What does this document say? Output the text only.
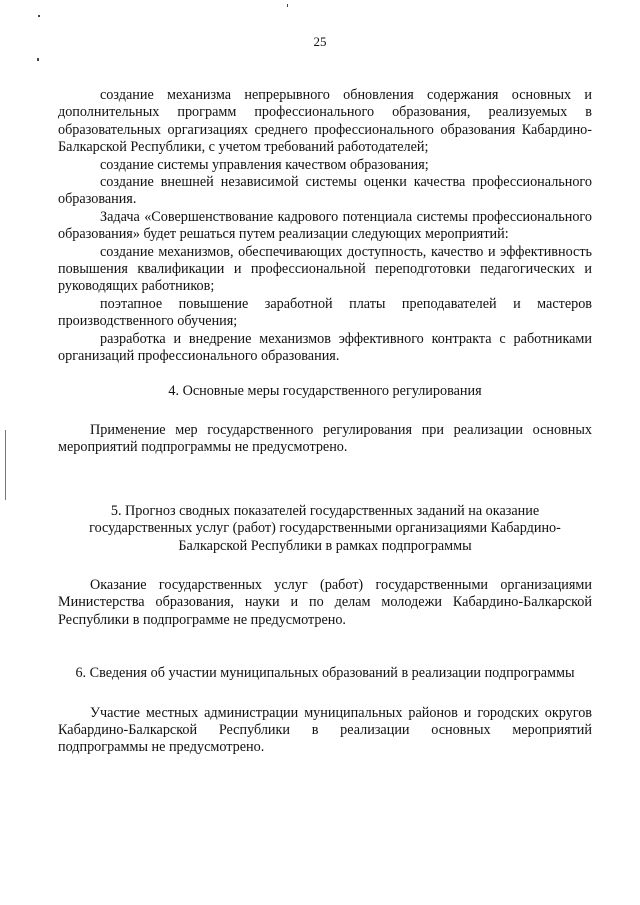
25

создание механизма непрерывного обновления содержания основных и дополнительных программ профессионального образования, реализуемых в образовательных оргагизациях среднего профессионального образования Кабардино-Балкарской Республики, с учетом требований работодателей;

создание системы управления качеством образования;

создание внешней независимой системы оценки качества профессионального образования.

Задача «Совершенствование кадрового потенциала системы профессионального образования» будет решаться путем реализации следующих мероприятий:

создание механизмов, обеспечивающих доступность, качество и эффективность повышения квалификации и профессиональной переподготовки педагогических и руководящих работников;

поэтапное повышение заработной платы преподавателей и мастеров производственного обучения;

разработка и внедрение механизмов эффективного контракта с работниками организаций профессионального образования.

4. Основные меры государственного регулирования

Применение мер государственного регулирования при реализации основных мероприятий подпрограммы не предусмотрено.

5. Прогноз сводных показателей государственных заданий на оказание государственных услуг (работ) государственными организациями Кабардино-Балкарской Республики в рамках подпрограммы

Оказание государственных услуг (работ) государственными организациями Министерства образования, науки и по делам молодежи Кабардино-Балкарской Республики в подпрограмме не предусмотрено.

6. Сведения об участии муниципальных образований в реализации подпрограммы

Участие местных администрации муниципальных районов и городских округов Кабардино-Балкарской Республики в реализации основных мероприятий подпрограммы не предусмотрено.
